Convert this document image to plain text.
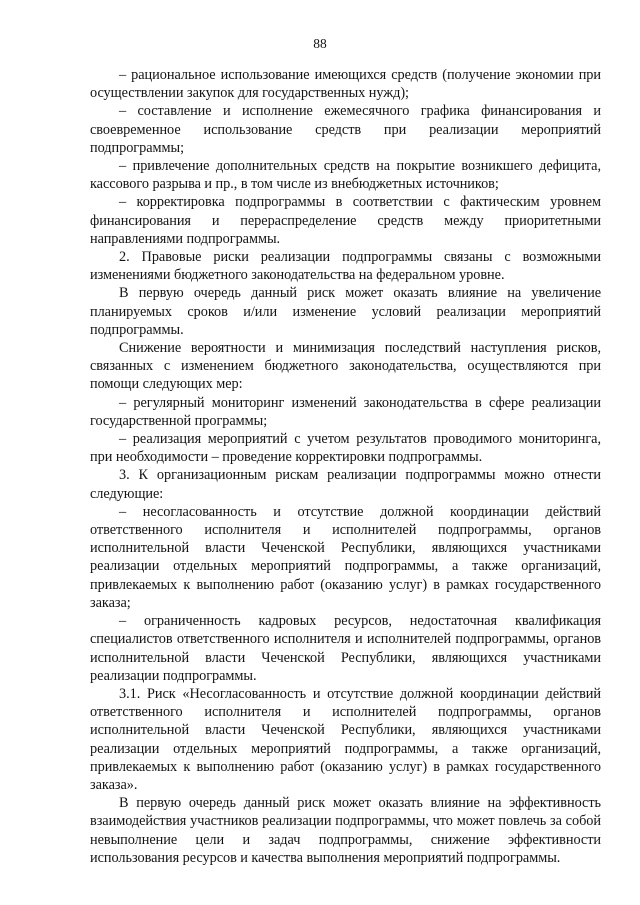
88

– рациональное использование имеющихся средств (получение экономии при осуществлении закупок для государственных нужд);

– составление и исполнение ежемесячного графика финансирования и своевременное использование средств при реализации мероприятий подпрограммы;

– привлечение дополнительных средств на покрытие возникшего дефицита, кассового разрыва и пр., в том числе из внебюджетных источников;

– корректировка подпрограммы в соответствии с фактическим уровнем финансирования и перераспределение средств между приоритетными направлениями подпрограммы.

2. Правовые риски реализации подпрограммы связаны с возможными изменениями бюджетного законодательства на федеральном уровне.

В первую очередь данный риск может оказать влияние на увеличение планируемых сроков и/или изменение условий реализации мероприятий подпрограммы.

Снижение вероятности и минимизация последствий наступления рисков, связанных с изменением бюджетного законодательства, осуществляются при помощи следующих мер:

– регулярный мониторинг изменений законодательства в сфере реализации государственной программы;

– реализация мероприятий с учетом результатов проводимого мониторинга, при необходимости – проведение корректировки подпрограммы.

3. К организационным рискам реализации подпрограммы можно отнести следующие:

– несогласованность и отсутствие должной координации действий ответственного исполнителя и исполнителей подпрограммы, органов исполнительной власти Чеченской Республики, являющихся участниками реализации отдельных мероприятий подпрограммы, а также организаций, привлекаемых к выполнению работ (оказанию услуг) в рамках государственного заказа;

– ограниченность кадровых ресурсов, недостаточная квалификация специалистов ответственного исполнителя и исполнителей подпрограммы, органов исполнительной власти Чеченской Республики, являющихся участниками реализации подпрограммы.

3.1. Риск «Несогласованность и отсутствие должной координации действий ответственного исполнителя и исполнителей подпрограммы, органов исполнительной власти Чеченской Республики, являющихся участниками реализации отдельных мероприятий подпрограммы, а также организаций, привлекаемых к выполнению работ (оказанию услуг) в рамках государственного заказа».

В первую очередь данный риск может оказать влияние на эффективность взаимодействия участников реализации подпрограммы, что может повлечь за собой невыполнение цели и задач подпрограммы, снижение эффективности использования ресурсов и качества выполнения мероприятий подпрограммы.
